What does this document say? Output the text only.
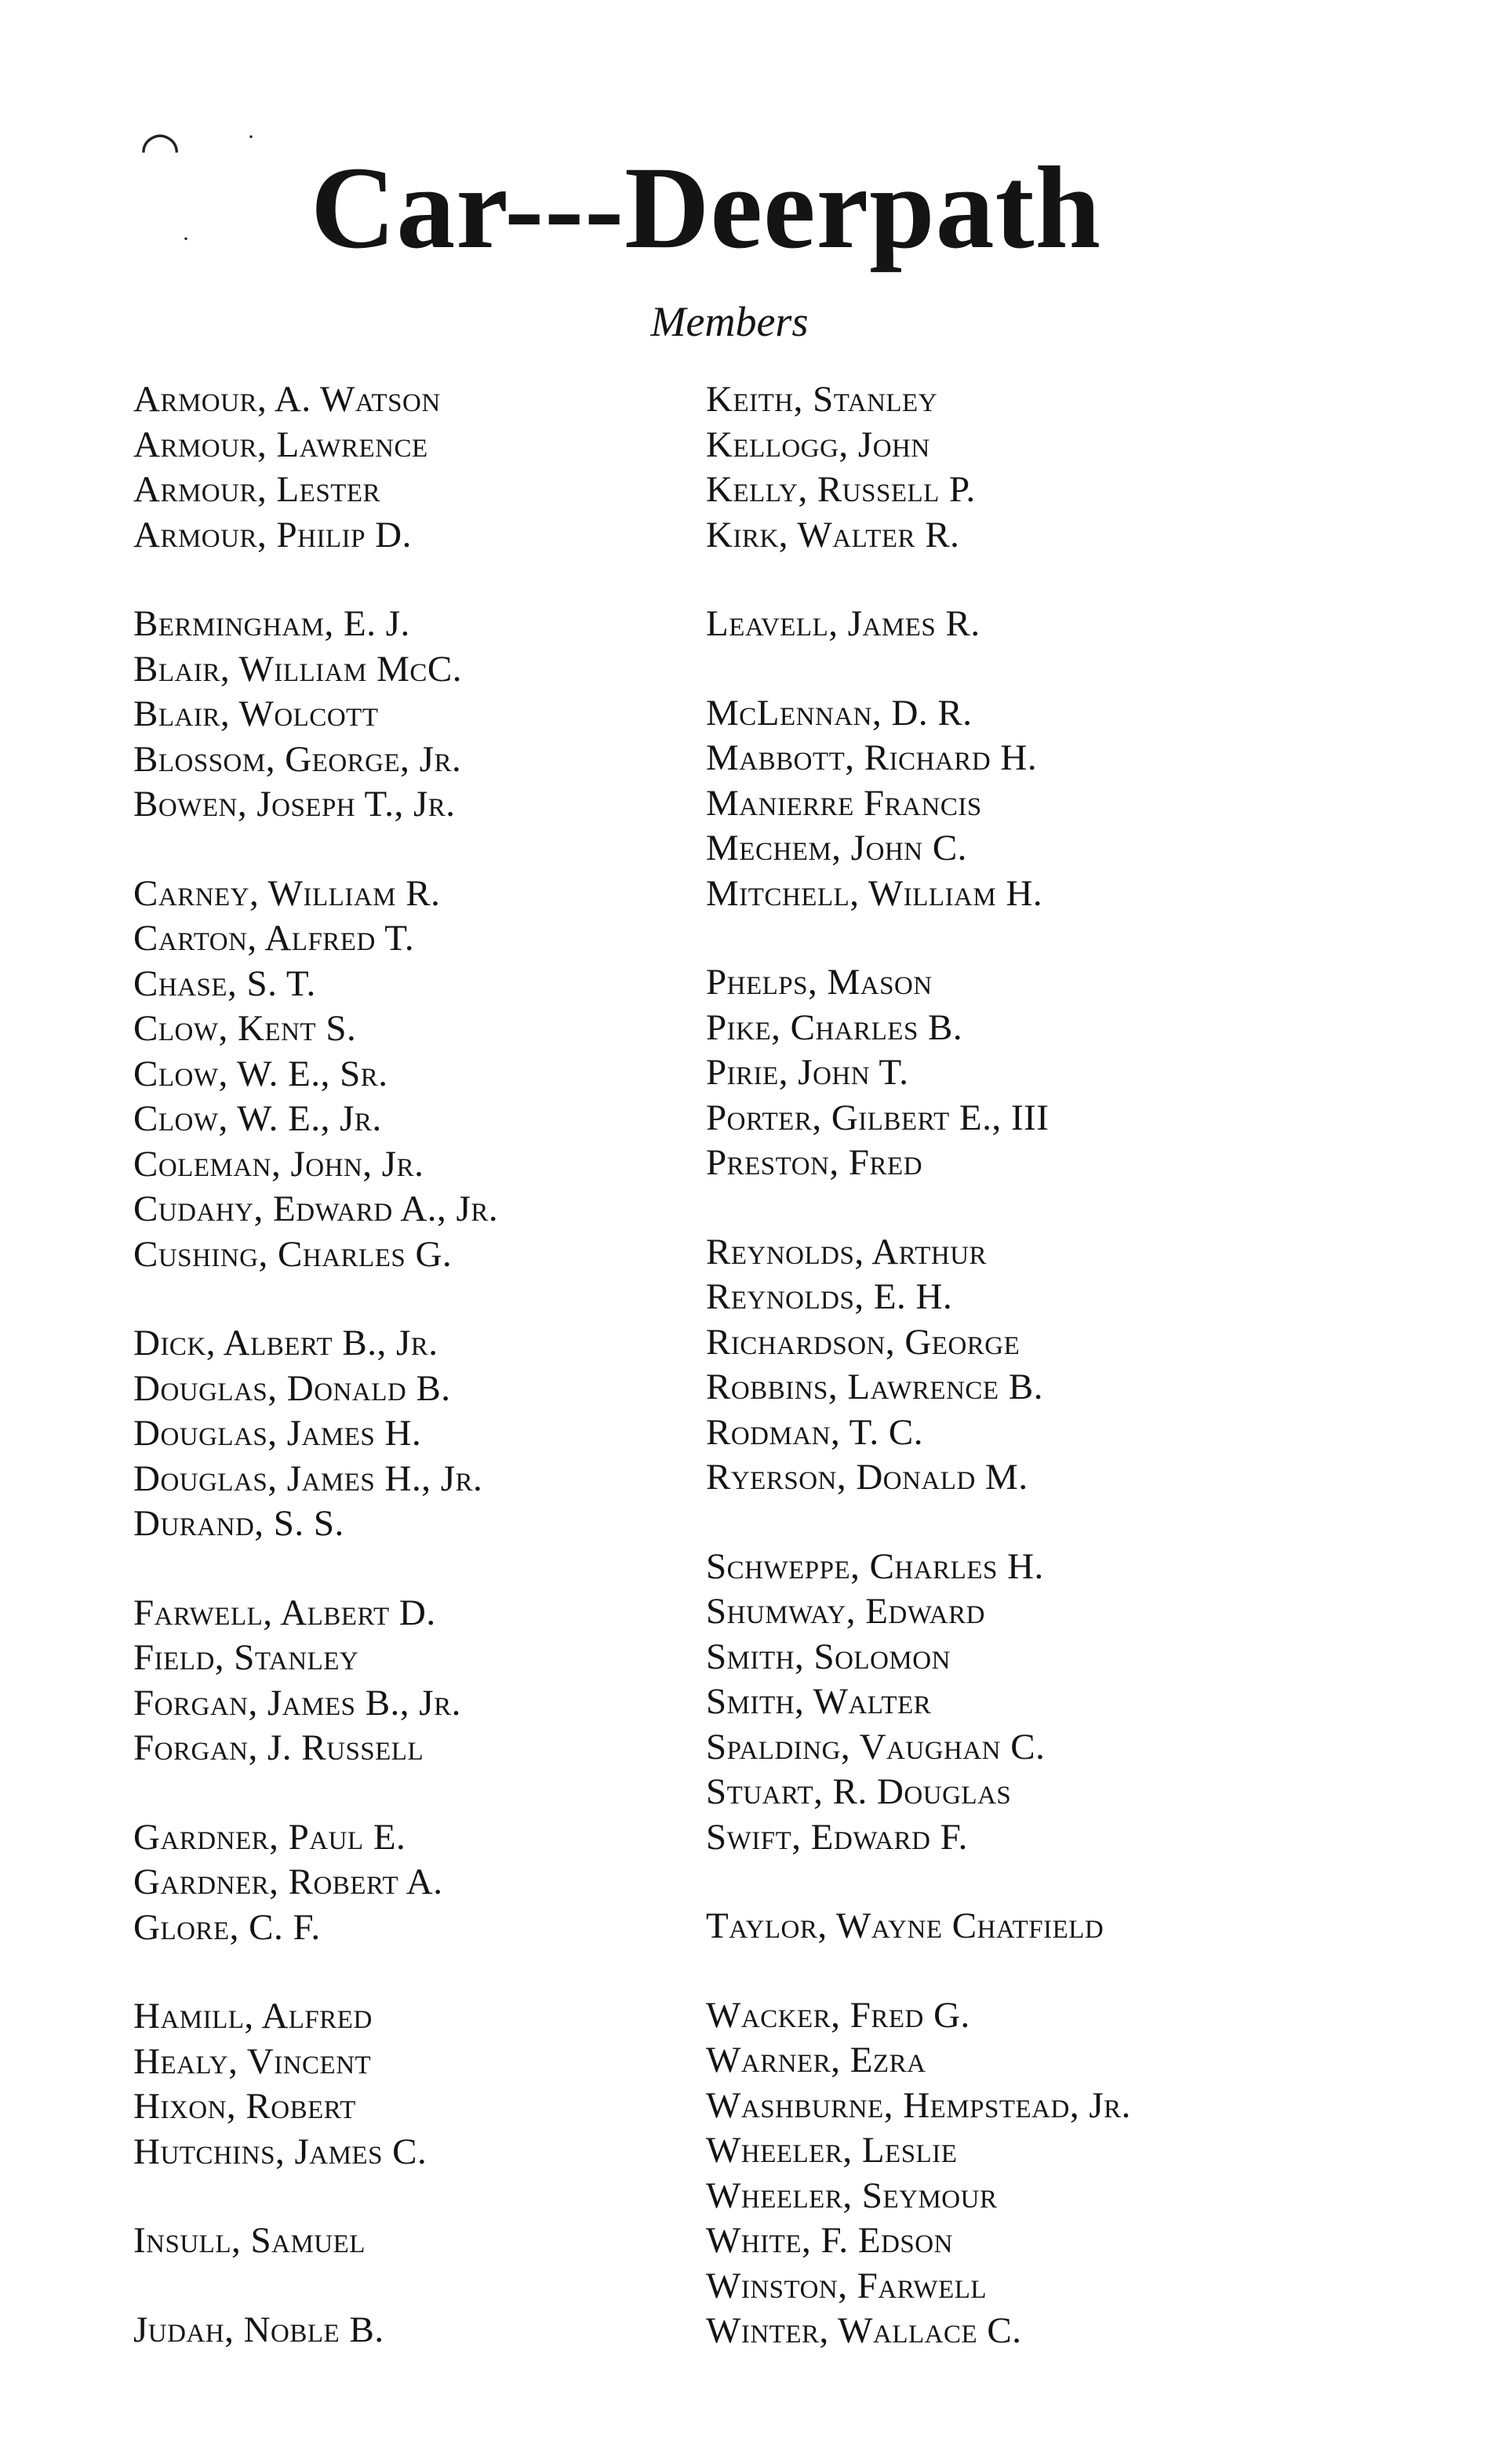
◠	·
·	Car---Deerpath
Members
Armour, A. Watson
Armour, Lawrence
Armour, Lester
Armour, Philip D.
Bermingham, E. J.
Blair, William McC.
Blair, Wolcott
Blossom, George, Jr.
Bowen, Joseph T., Jr.
Carney, William R.
Carton, Alfred T.
Chase, S. T.
Clow, Kent S.
Clow, W. E., Sr.
Clow, W. E., Jr.
Coleman, John, Jr.
Cudahy, Edward A., Jr.
Cushing, Charles G.
Dick, Albert B., Jr.
Douglas, Donald B.
Douglas, James H.
Douglas, James H., Jr.
Durand, S. S.
Farwell, Albert D.
Field, Stanley
Forgan, James B., Jr.
Forgan, J. Russell
Gardner, Paul E.
Gardner, Robert A.
Glore, C. F.
Hamill, Alfred
Healy, Vincent
Hixon, Robert
Hutchins, James C.
Insull, Samuel
Judah, Noble B.
Keith, Stanley
Kellogg, John
Kelly, Russell P.
Kirk, Walter R.
Leavell, James R.
McLennan, D. R.
Mabbott, Richard H.
Manierre Francis
Mechem, John C.
Mitchell, William H.
Phelps, Mason
Pike, Charles B.
Pirie, John T.
Porter, Gilbert E., III
Preston, Fred
Reynolds, Arthur
Reynolds, E. H.
Richardson, George
Robbins, Lawrence B.
Rodman, T. C.
Ryerson, Donald M.
Schweppe, Charles H.
Shumway, Edward
Smith, Solomon
Smith, Walter
Spalding, Vaughan C.
Stuart, R. Douglas
Swift, Edward F.
Taylor, Wayne Chatfield
Wacker, Fred G.
Warner, Ezra
Washburne, Hempstead, Jr.
Wheeler, Leslie
Wheeler, Seymour
White, F. Edson
Winston, Farwell
Winter, Wallace C.
